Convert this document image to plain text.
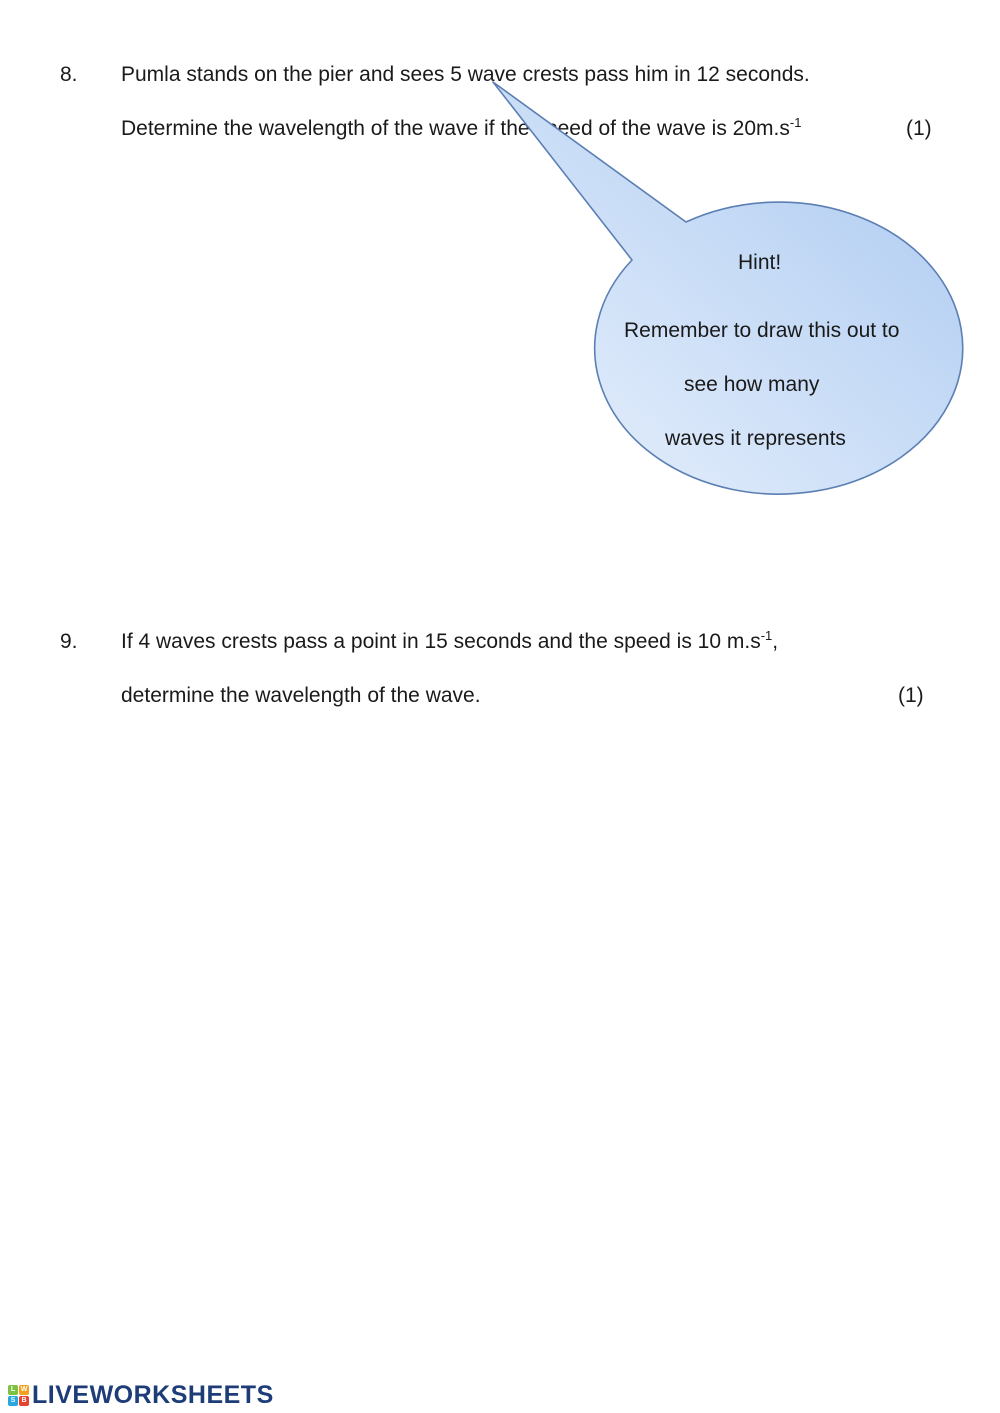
8. Pumla stands on the pier and sees 5 wave crests pass him in 12 seconds.
Determine the wavelength of the wave if the speed of the wave is $20m.s^{-1}$	(1)
Hint!
Remember to draw this out to
see how many
waves it represents
9. If 4 waves crests pass a point in 15 seconds and the speed is 10 $m.s^{-1}$,
determine the wavelength of the wave.	(1)
L W
S B LIVEWORKSHEETS
